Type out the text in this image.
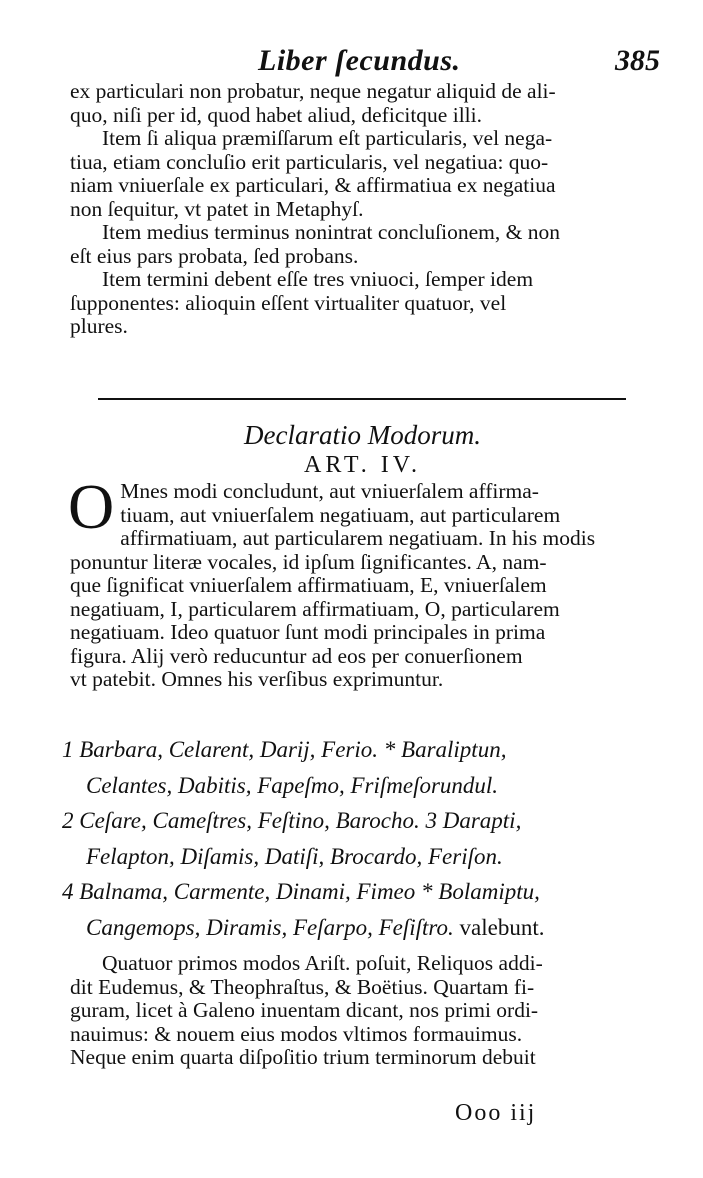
Liber ſecundus.	385
ex particulari non probatur, neque negatur aliquid de ali-
quo, niſi per id, quod habet aliud, deficitque illi.
Item ſi aliqua præmiſſarum eſt particularis, vel nega-
tiua, etiam concluſio erit particularis, vel negatiua: quo-
niam vniuerſale ex particulari, & affirmatiua ex negatiua
non ſequitur, vt patet in Metaphyſ.
Item medius terminus nonintrat concluſionem, & non
eſt eius pars probata, ſed probans.
Item termini debent eſſe tres vniuoci, ſemper idem
ſupponentes: alioquin eſſent virtualiter quatuor, vel
plures.
Declaratio Modorum.
ART. IV.
O Mnes modi concludunt, aut vniuerſalem affirma-
tiuam, aut vniuerſalem negatiuam, aut particularem
affirmatiuam, aut particularem negatiuam. In his modis
ponuntur literæ vocales, id ipſum ſignificantes. A, nam-
que ſignificat vniuerſalem affirmatiuam, E, vniuerſalem
negatiuam, I, particularem affirmatiuam, O, particularem
negatiuam. Ideo quatuor ſunt modi principales in prima
figura. Alij verò reducuntur ad eos per conuerſionem
vt patebit. Omnes his verſibus exprimuntur.
1 Barbara, Celarent, Darij, Ferio. * Baraliptun,
Celantes, Dabitis, Fapeſmo, Friſmeſorundul.
2 Ceſare, Cameſtres, Feſtino, Barocho. 3 Darapti,
Felapton, Diſamis, Datiſi, Brocardo, Feriſon.
4 Balnama, Carmente, Dinami, Fimeo * Bolamiptu,
Cangemops, Diramis, Feſarpo, Feſiſtro. valebunt.
Quatuor primos modos Ariſt. poſuit, Reliquos addi-
dit Eudemus, & Theophraſtus, & Boëtius. Quartam fi-
guram, licet à Galeno inuentam dicant, nos primi ordi-
nauimus: & nouem eius modos vltimos formauimus.
Neque enim quarta diſpoſitio trium terminorum debuit
Ooo iij
